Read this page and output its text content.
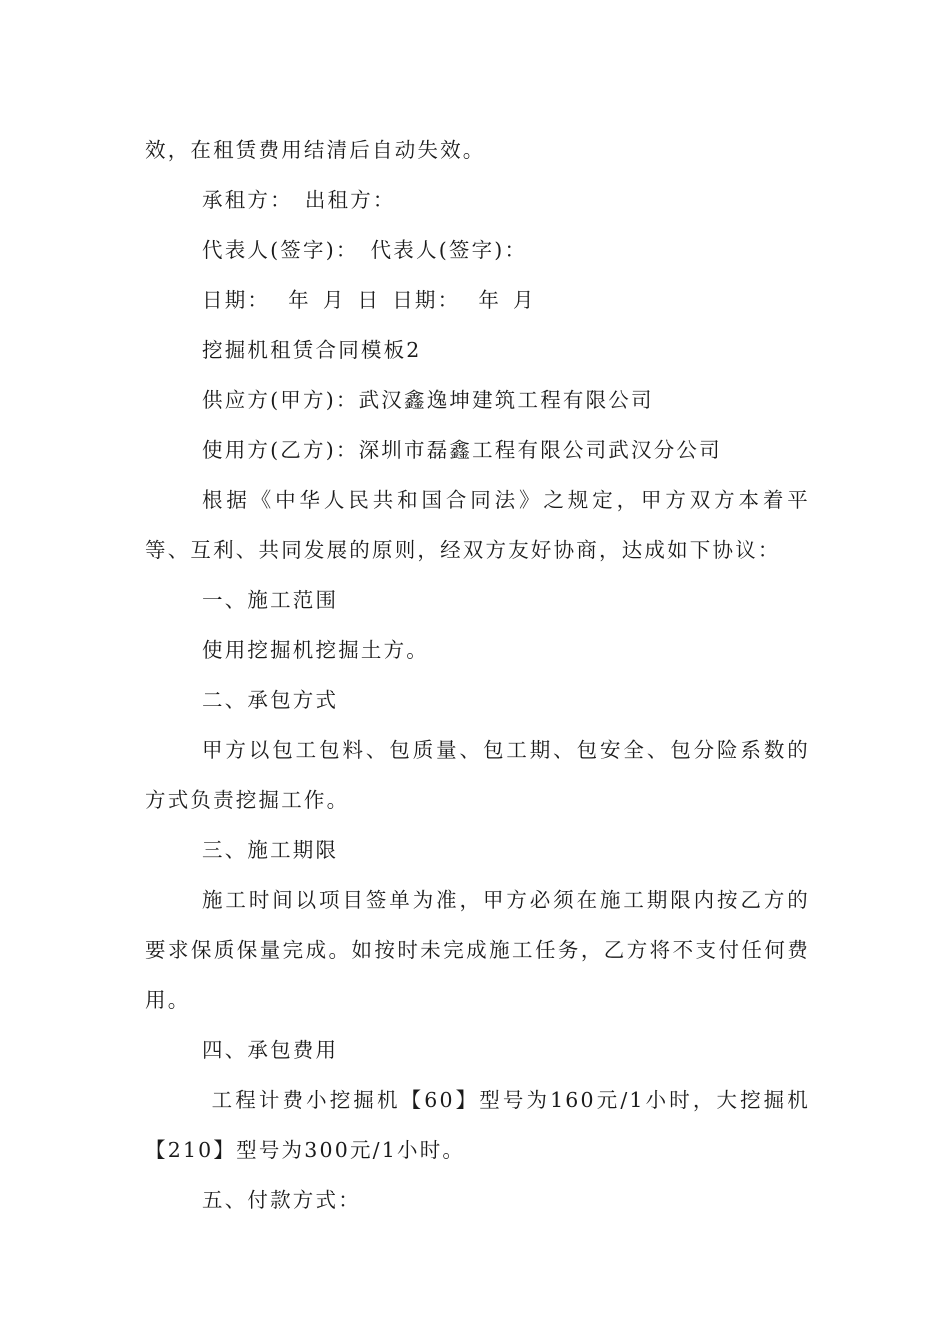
效，在租赁费用结清后自动失效。

承租方： 出租方：

代表人(签字)： 代表人(签字)：

日期： 年 月 日 日期： 年 月

挖掘机租赁合同模板2

供应方(甲方)：武汉鑫逸坤建筑工程有限公司

使用方(乙方)：深圳市磊鑫工程有限公司武汉分公司

根据《中华人民共和国合同法》之规定，甲方双方本着平等、互利、共同发展的原则，经双方友好协商，达成如下协议：

一、施工范围

使用挖掘机挖掘土方。

二、承包方式

甲方以包工包料、包质量、包工期、包安全、包分险系数的方式负责挖掘工作。

三、施工期限

施工时间以项目签单为准，甲方必须在施工期限内按乙方的要求保质保量完成。如按时未完成施工任务，乙方将不支付任何费用。

四、承包费用

工程计费小挖掘机【60】型号为160元/1小时，大挖掘机【210】型号为300元/1小时。

五、付款方式：
